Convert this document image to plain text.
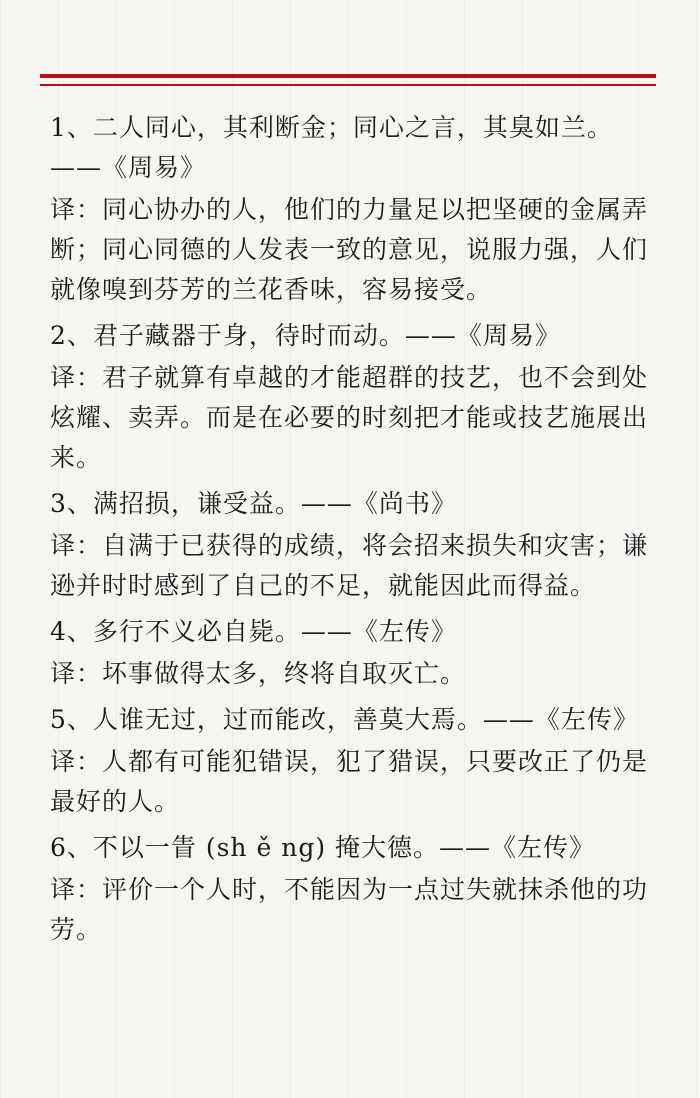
1、二人同心，其利断金；同心之言，其臭如兰。——《周易》

译：同心协办的人，他们的力量足以把坚硬的金属弄断；同心同德的人发表一致的意见，说服力强，人们就像嗅到芬芳的兰花香味，容易接受。

2、君子藏器于身，待时而动。——《周易》

译：君子就算有卓越的才能超群的技艺，也不会到处炫耀、卖弄。而是在必要的时刻把才能或技艺施展出来。

3、满招损，谦受益。——《尚书》

译：自满于已获得的成绩，将会招来损失和灾害；谦逊并时时感到了自己的不足，就能因此而得益。

4、多行不义必自毙。——《左传》

译：坏事做得太多，终将自取灭亡。

5、人谁无过，过而能改，善莫大焉。——《左传》

译：人都有可能犯错误，犯了猎误，只要改正了仍是最好的人。

6、不以一眚 (sh ě ng) 掩大德。——《左传》

译：评价一个人时，不能因为一点过失就抹杀他的功劳。
